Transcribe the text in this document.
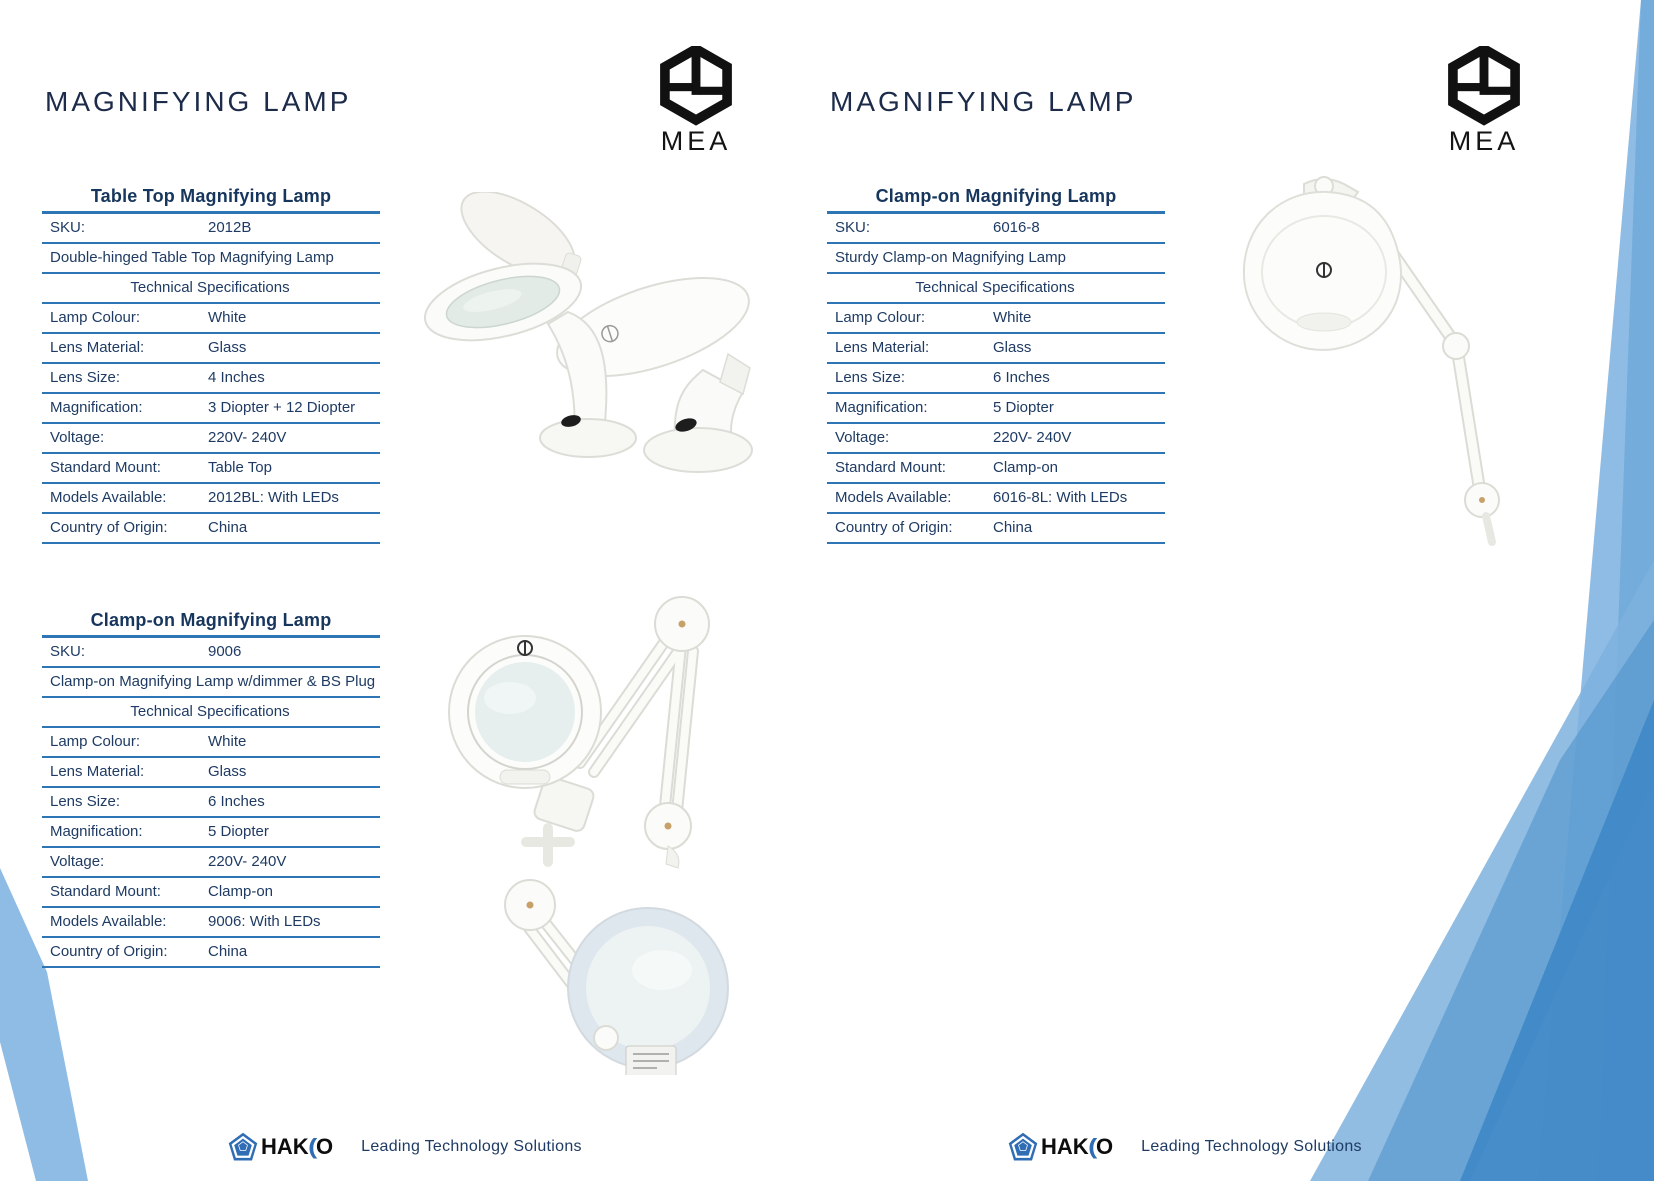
MAGNIFYING LAMP
MEA
Table Top Magnifying Lamp
SKU:	2012B
Double-hinged Table Top Magnifying Lamp
Technical Specifications
Lamp Colour:	White
Lens Material:	Glass
Lens Size:	4 Inches
Magnification:	3 Diopter + 12 Diopter
Voltage:	220V- 240V
Standard Mount:	Table Top
Models Available:	2012BL: With LEDs
Country of Origin:	China
Clamp-on Magnifying Lamp
SKU:	9006
Clamp-on Magnifying Lamp w/dimmer & BS Plug
Technical Specifications
Lamp Colour:	White
Lens Material:	Glass
Lens Size:	6 Inches
Magnification:	5 Diopter
Voltage:	220V- 240V
Standard Mount:	Clamp-on
Models Available:	9006: With LEDs
Country of Origin:	China
HAK(O Leading Technology Solutions
MAGNIFYING LAMP
MEA
Clamp-on Magnifying Lamp
SKU:	6016-8
Sturdy Clamp-on Magnifying Lamp
Technical Specifications
Lamp Colour:	White
Lens Material:	Glass
Lens Size:	6 Inches
Magnification:	5 Diopter
Voltage:	220V- 240V
Standard Mount:	Clamp-on
Models Available:	6016-8L: With LEDs
Country of Origin:	China
HAK(O Leading Technology Solutions
